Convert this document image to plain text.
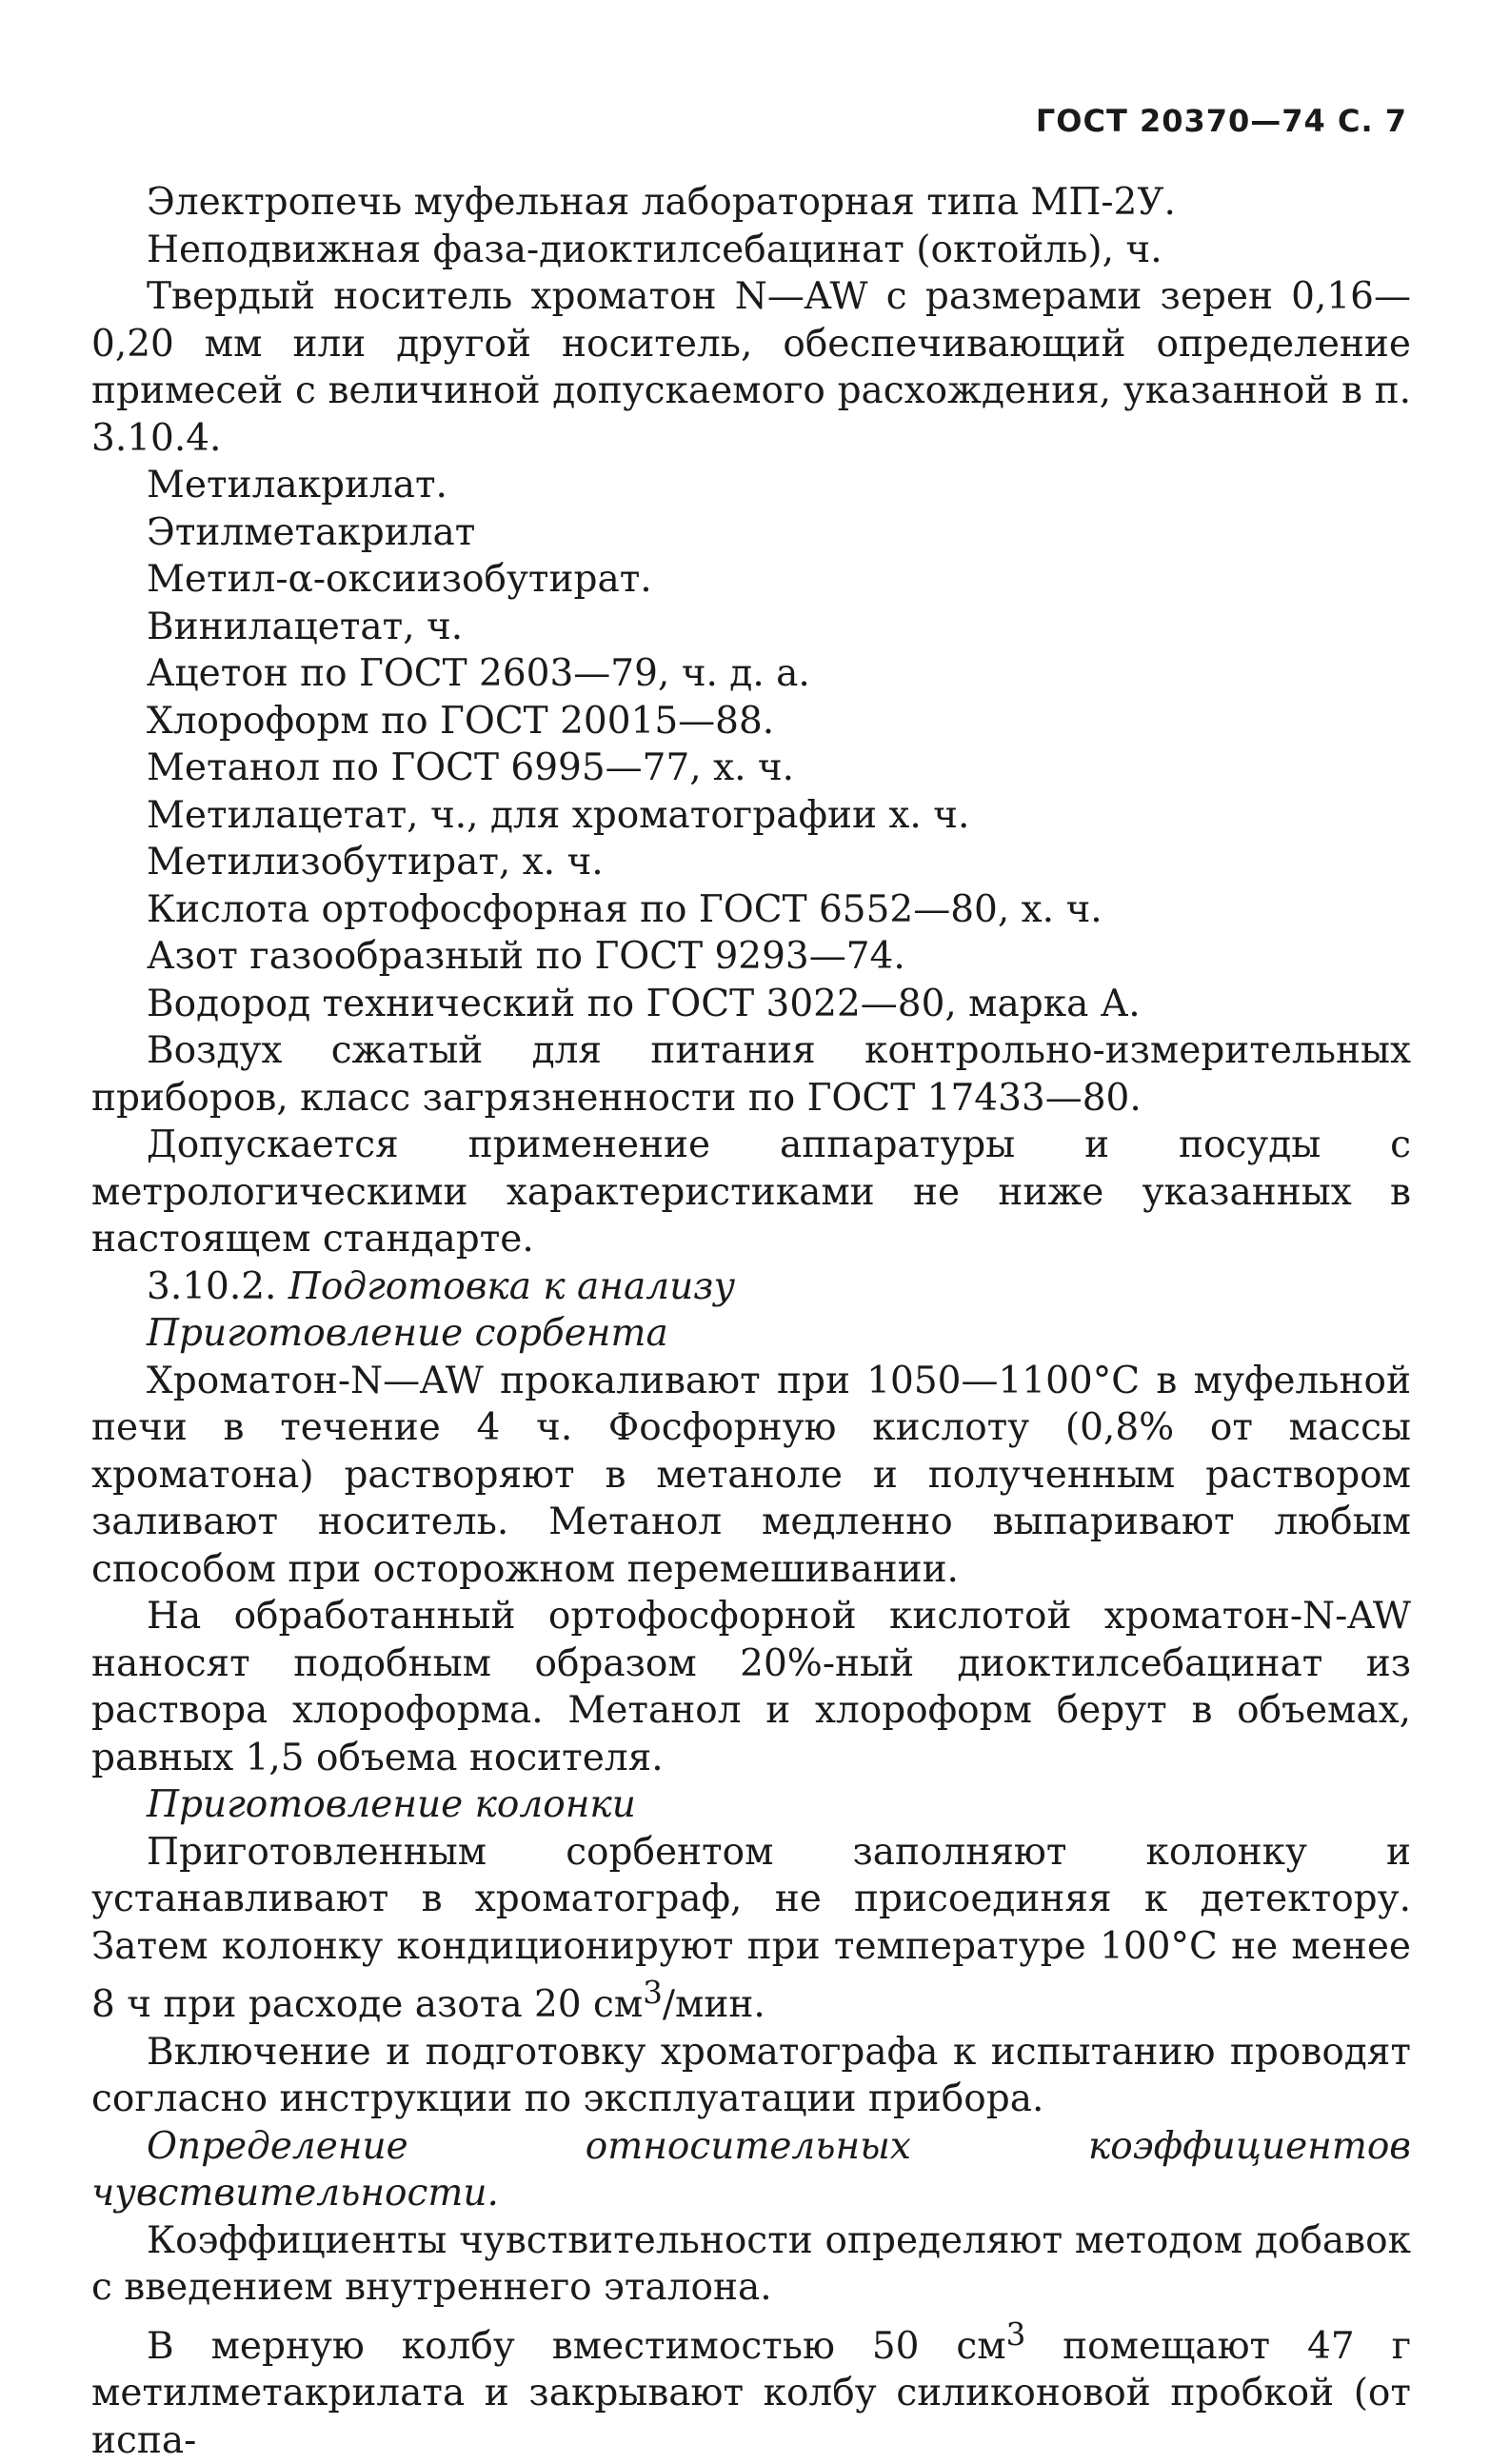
ГОСТ 20370—74 С. 7

Электропечь муфельная лабораторная типа МП-2У.

Неподвижная фаза-диоктилсебацинат (октойль), ч.

Твердый носитель хроматон N—AW с размерами зерен 0,16—0,20 мм или другой носитель, обеспечивающий определение примесей с величиной допускаемого расхождения, указанной в п. 3.10.4.

Метилакрилат.

Этилметакрилат

Метил-α-оксиизобутират.

Винилацетат, ч.

Ацетон по ГОСТ 2603—79, ч. д. а.

Хлороформ по ГОСТ 20015—88.

Метанол по ГОСТ 6995—77, х. ч.

Метилацетат, ч., для хроматографии х. ч.

Метилизобутират, х. ч.

Кислота ортофосфорная по ГОСТ 6552—80, х. ч.

Азот газообразный по ГОСТ 9293—74.

Водород технический по ГОСТ 3022—80, марка А.

Воздух сжатый для питания контрольно-измерительных приборов, класс загрязненности по ГОСТ 17433—80.

Допускается применение аппаратуры и посуды с метрологическими характеристиками не ниже указанных в настоящем стандарте.

3.10.2. Подготовка к анализу

Приготовление сорбента

Хроматон-N—AW прокаливают при 1050—1100°С в муфельной печи в течение 4 ч. Фосфорную кислоту (0,8% от массы хроматона) растворяют в метаноле и полученным раствором заливают носитель. Метанол медленно выпаривают любым способом при осторожном перемешивании.

На обработанный ортофосфорной кислотой хроматон-N-AW наносят подобным образом 20%-ный диоктилсебацинат из раствора хлороформа. Метанол и хлороформ берут в объемах, равных 1,5 объема носителя.

Приготовление колонки

Приготовленным сорбентом заполняют колонку и устанавливают в хроматограф, не присоединяя к детектору. Затем колонку кондиционируют при температуре 100°С не менее 8 ч при расходе азота 20 $см^3$/мин.

Включение и подготовку хроматографа к испытанию проводят согласно инструкции по эксплуатации прибора.

Определение относительных коэффициентов чувствительности.

Коэффициенты чувствительности определяют методом добавок с введением внутреннего эталона.

В мерную колбу вместимостью 50 $см^3$ помещают 47 г метилметакрилата и закрывают колбу силиконовой пробкой (от испа-
